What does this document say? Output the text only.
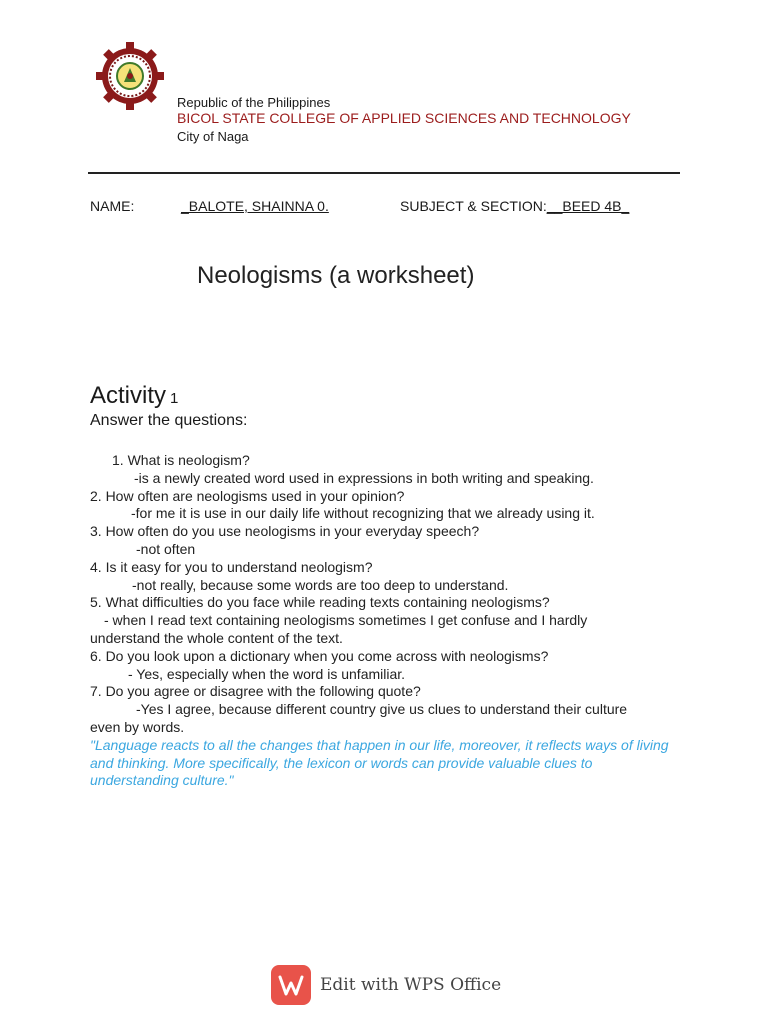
Republic of the Philippines
BICOL STATE COLLEGE OF APPLIED SCIENCES AND TECHNOLOGY
City of Naga
NAME:	_BALOTE, SHAINNA 0.	SUBJECT & SECTION:__BEED 4B_
Neologisms (a worksheet)
Activity 1
Answer the questions:
1. What is neologism?
-is a newly created word used in expressions in both writing and speaking.
2. How often are neologisms used in your opinion?
-for me it is use in our daily life without recognizing that we already using it.
3. How often do you use neologisms in your everyday speech?
-not often
4. Is it easy for you to understand neologism?
-not really, because some words are too deep to understand.
5. What difficulties do you face while reading texts containing neologisms?
- when I read text containing neologisms sometimes I get confuse and I hardly
understand the whole content of the text.
6. Do you look upon a dictionary when you come across with neologisms?
- Yes, especially when the word is unfamiliar.
7. Do you agree or disagree with the following quote?
-Yes I agree, because different country give us clues to understand their culture
even by words.
"Language reacts to all the changes that happen in our life, moreover, it reflects ways of living and thinking. More specifically, the lexicon or words can provide valuable clues to understanding culture."
Edit with WPS Office
